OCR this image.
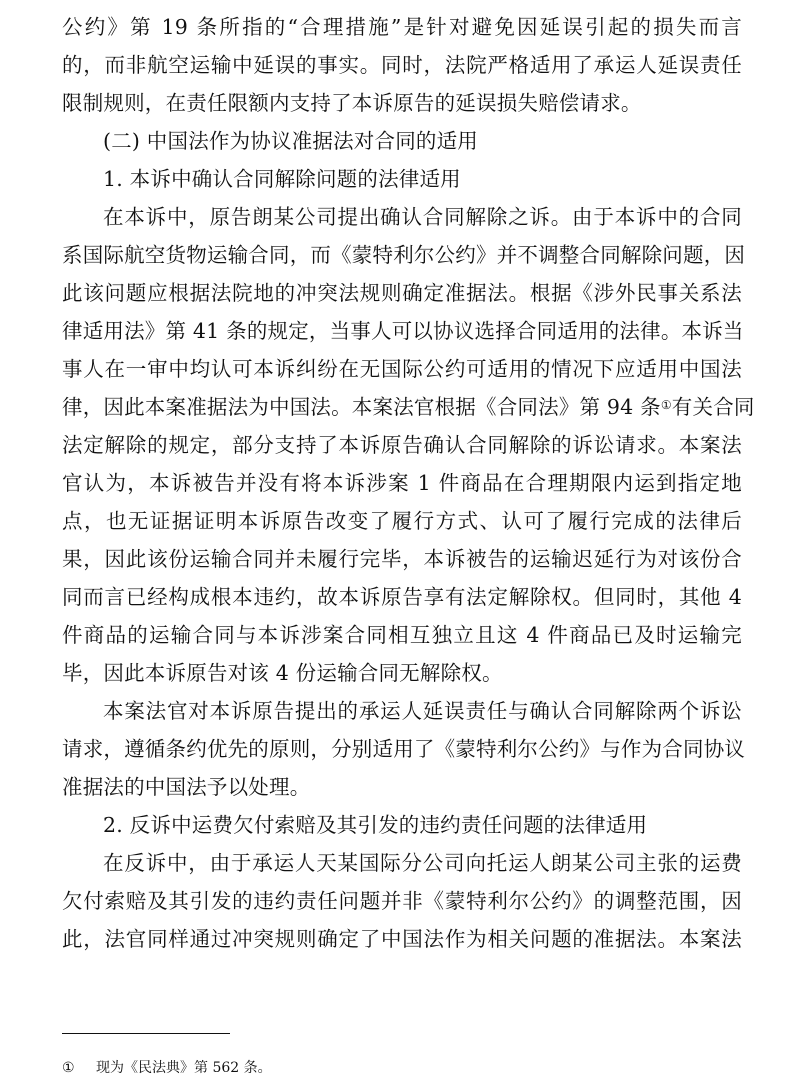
公约》第 19 条所指的“合理措施”是针对避免因延误引起的损失而言
的，而非航空运输中延误的事实。同时，法院严格适用了承运人延误责任
限制规则，在责任限额内支持了本诉原告的延误损失赔偿请求。
(二) 中国法作为协议准据法对合同的适用
1. 本诉中确认合同解除问题的法律适用
在本诉中，原告朗某公司提出确认合同解除之诉。由于本诉中的合同
系国际航空货物运输合同，而《蒙特利尔公约》并不调整合同解除问题，因
此该问题应根据法院地的冲突法规则确定准据法。根据《涉外民事关系法
律适用法》第 41 条的规定，当事人可以协议选择合同适用的法律。本诉当
事人在一审中均认可本诉纠纷在无国际公约可适用的情况下应适用中国法
律，因此本案准据法为中国法。本案法官根据《合同法》第 94 条①有关合同
法定解除的规定，部分支持了本诉原告确认合同解除的诉讼请求。本案法
官认为，本诉被告并没有将本诉涉案 1 件商品在合理期限内运到指定地
点，也无证据证明本诉原告改变了履行方式、认可了履行完成的法律后
果，因此该份运输合同并未履行完毕，本诉被告的运输迟延行为对该份合
同而言已经构成根本违约，故本诉原告享有法定解除权。但同时，其他 4
件商品的运输合同与本诉涉案合同相互独立且这 4 件商品已及时运输完
毕，因此本诉原告对该 4 份运输合同无解除权。
本案法官对本诉原告提出的承运人延误责任与确认合同解除两个诉讼
请求，遵循条约优先的原则，分别适用了《蒙特利尔公约》与作为合同协议
准据法的中国法予以处理。
2. 反诉中运费欠付索赔及其引发的违约责任问题的法律适用
在反诉中，由于承运人天某国际分公司向托运人朗某公司主张的运费
欠付索赔及其引发的违约责任问题并非《蒙特利尔公约》的调整范围，因
此，法官同样通过冲突规则确定了中国法作为相关问题的准据法。本案法
① 现为《民法典》第 562 条。
